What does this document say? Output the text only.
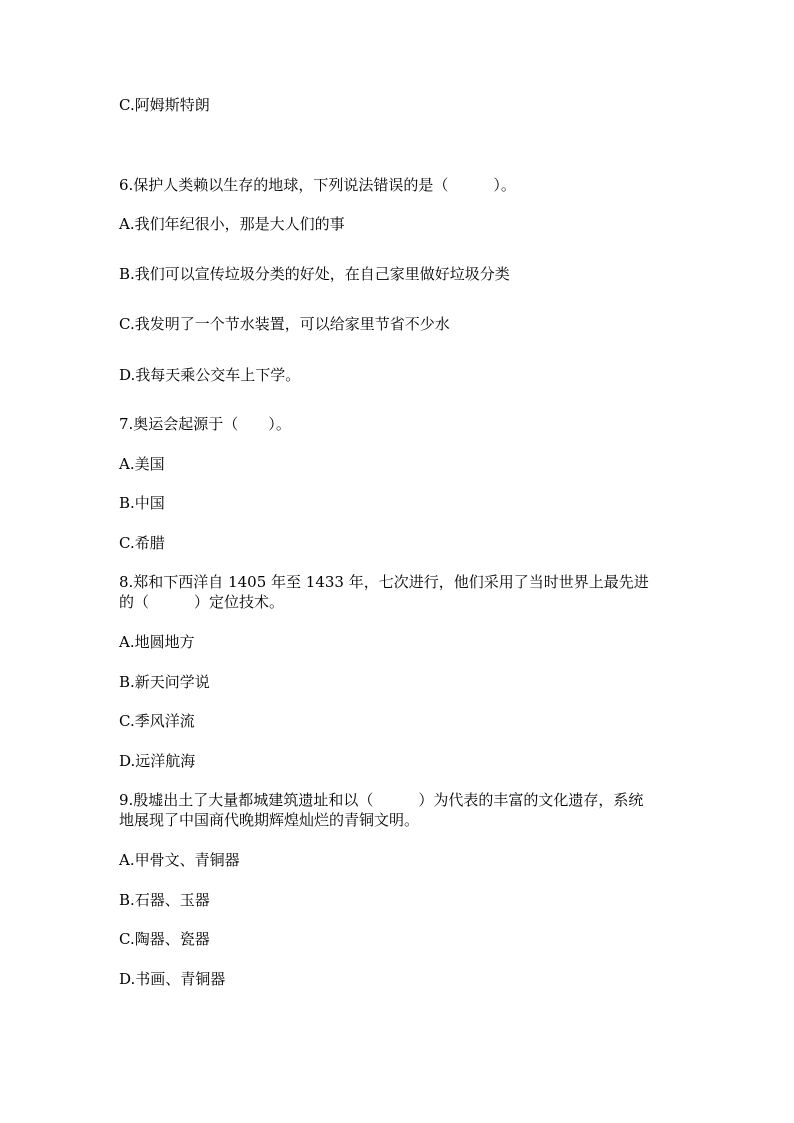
C.阿姆斯特朗
6.保护人类赖以生存的地球，下列说法错误的是（　　　）。
A.我们年纪很小，那是大人们的事
B.我们可以宣传垃圾分类的好处，在自己家里做好垃圾分类
C.我发明了一个节水装置，可以给家里节省不少水
D.我每天乘公交车上下学。
7.奥运会起源于（　　）。
A.美国
B.中国
C.希腊
8.郑和下西洋自 1405 年至 1433 年，七次进行，他们采用了当时世界上最先进
的（　　　）定位技术。
A.地圆地方
B.新天问学说
C.季风洋流
D.远洋航海
9.殷墟出土了大量都城建筑遗址和以（　　　）为代表的丰富的文化遗存，系统
地展现了中国商代晚期辉煌灿烂的青铜文明。
A.甲骨文、青铜器
B.石器、玉器
C.陶器、瓷器
D.书画、青铜器
